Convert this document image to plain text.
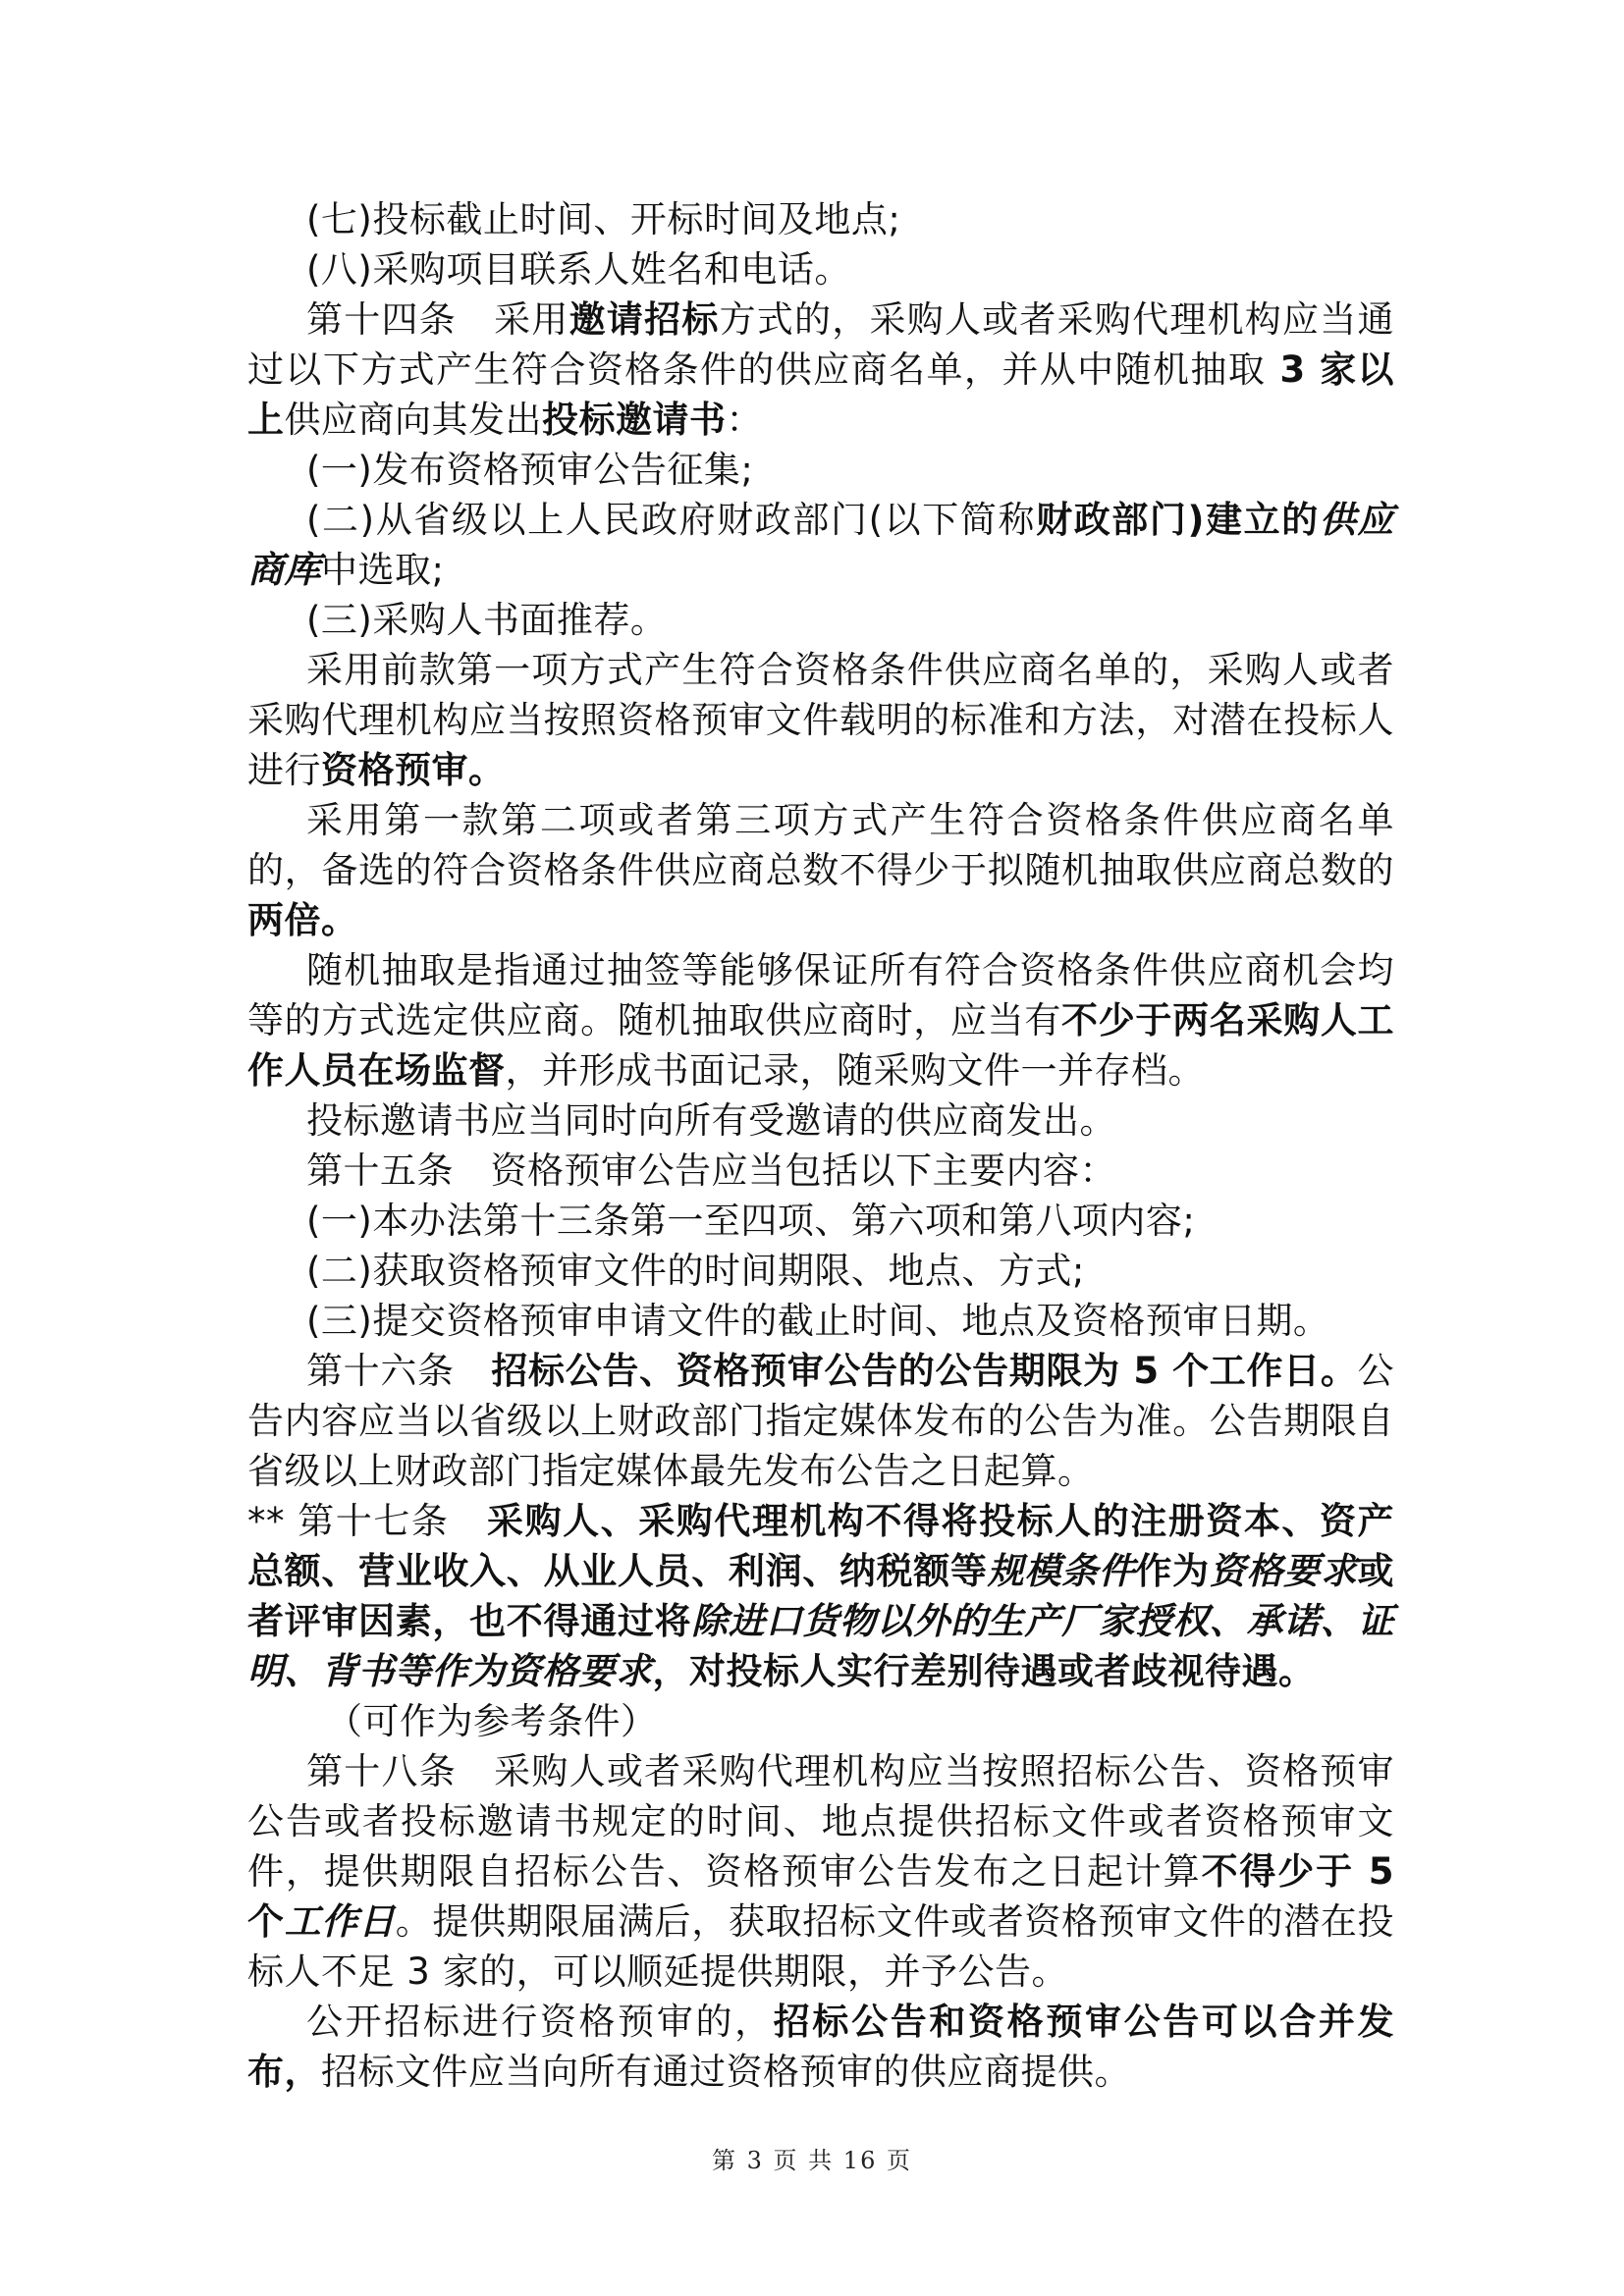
(七)投标截止时间、开标时间及地点;

(八)采购项目联系人姓名和电话。

第十四条　采用邀请招标方式的，采购人或者采购代理机构应当通过以下方式产生符合资格条件的供应商名单，并从中随机抽取 3 家以上供应商向其发出投标邀请书：

(一)发布资格预审公告征集;

(二)从省级以上人民政府财政部门(以下简称财政部门)建立的供应商库中选取;

(三)采购人书面推荐。

采用前款第一项方式产生符合资格条件供应商名单的，采购人或者采购代理机构应当按照资格预审文件载明的标准和方法，对潜在投标人进行资格预审。

采用第一款第二项或者第三项方式产生符合资格条件供应商名单的，备选的符合资格条件供应商总数不得少于拟随机抽取供应商总数的两倍。

随机抽取是指通过抽签等能够保证所有符合资格条件供应商机会均等的方式选定供应商。随机抽取供应商时，应当有不少于两名采购人工作人员在场监督，并形成书面记录，随采购文件一并存档。

投标邀请书应当同时向所有受邀请的供应商发出。

第十五条　资格预审公告应当包括以下主要内容：

(一)本办法第十三条第一至四项、第六项和第八项内容;

(二)获取资格预审文件的时间期限、地点、方式;

(三)提交资格预审申请文件的截止时间、地点及资格预审日期。

第十六条　招标公告、资格预审公告的公告期限为 5 个工作日。公告内容应当以省级以上财政部门指定媒体发布的公告为准。公告期限自省级以上财政部门指定媒体最先发布公告之日起算。

** 第十七条　采购人、采购代理机构不得将投标人的注册资本、资产总额、营业收入、从业人员、利润、纳税额等规模条件作为资格要求或者评审因素，也不得通过将除进口货物以外的生产厂家授权、承诺、证明、背书等作为资格要求，对投标人实行差别待遇或者歧视待遇。

（可作为参考条件）

第十八条　采购人或者采购代理机构应当按照招标公告、资格预审公告或者投标邀请书规定的时间、地点提供招标文件或者资格预审文件，提供期限自招标公告、资格预审公告发布之日起计算不得少于 5 个工作日。提供期限届满后，获取招标文件或者资格预审文件的潜在投标人不足 3 家的，可以顺延提供期限，并予公告。

公开招标进行资格预审的，招标公告和资格预审公告可以合并发布，招标文件应当向所有通过资格预审的供应商提供。

第 3 页 共 16 页
